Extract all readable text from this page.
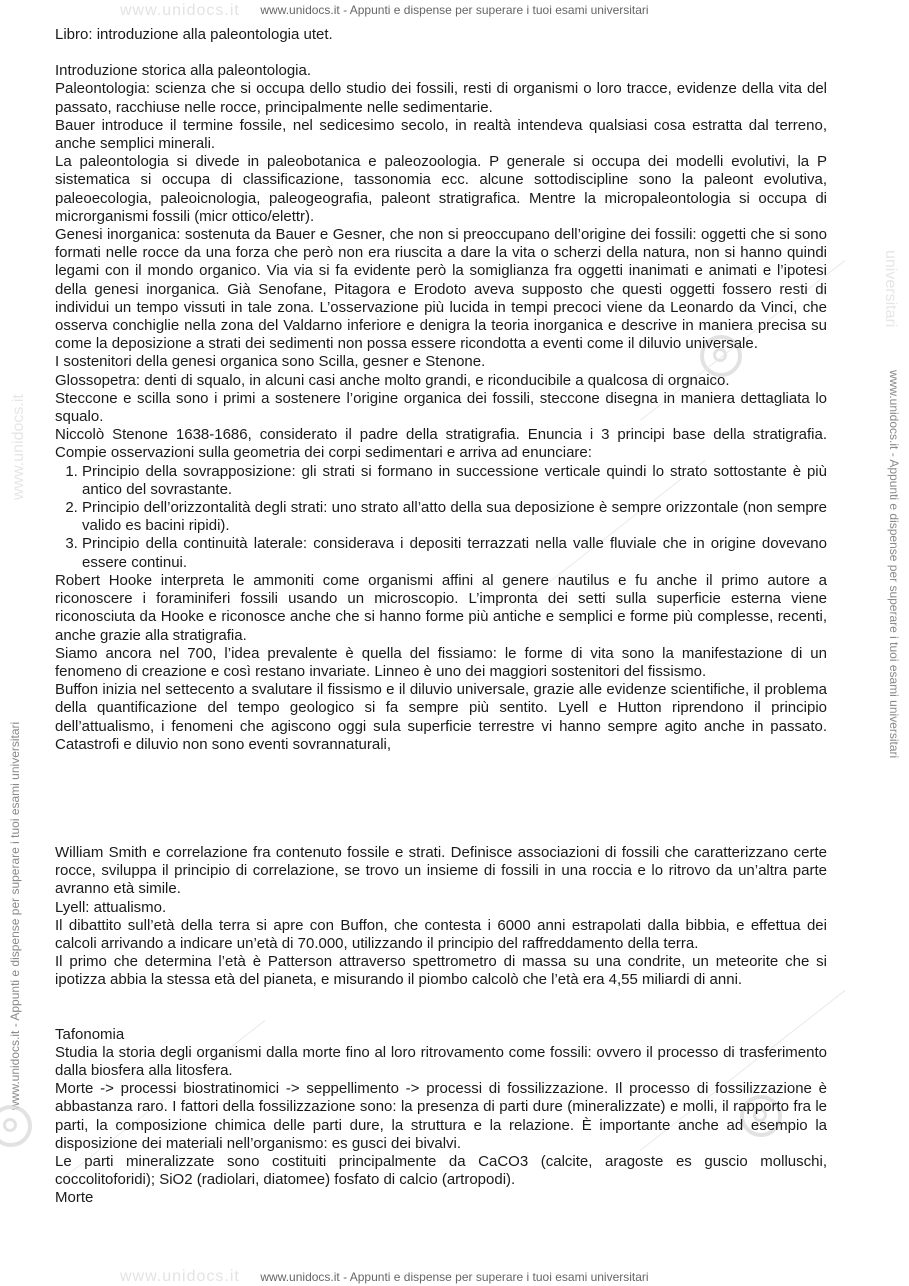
www.unidocs.it	www.unidocs.it - Appunti e dispense per superare i tuoi esami universitari
www.unidocs.it	www.unidocs.it - Appunti e dispense per superare i tuoi esami universitari
www.unidocs.it
www.unidocs.it - Appunti e dispense per superare i tuoi esami universitari
universitari
www.unidocs.it - Appunti e dispense per superare i tuoi esami universitari

Libro: introduzione alla paleontologia utet.

Introduzione storica alla paleontologia.

Paleontologia: scienza che si occupa dello studio dei fossili, resti di organismi o loro tracce, evidenze della vita del passato, racchiuse nelle rocce, principalmente nelle sedimentarie.

Bauer introduce il termine fossile, nel sedicesimo secolo, in realtà intendeva qualsiasi cosa estratta dal terreno, anche semplici minerali.

La paleontologia si divede in paleobotanica e paleozoologia. P generale si occupa dei modelli evolutivi, la P sistematica si occupa di classificazione, tassonomia ecc. alcune sottodiscipline sono la paleont evolutiva, paleoecologia, paleoicnologia, paleogeografia, paleont stratigrafica. Mentre la micropaleontologia si occupa di microrganismi fossili (micr ottico/elettr).

Genesi inorganica: sostenuta da Bauer e Gesner, che non si preoccupano dell’origine dei fossili: oggetti che si sono formati nelle rocce da una forza che però non era riuscita a dare la vita o scherzi della natura, non si hanno quindi legami con il mondo organico. Via via si fa evidente però la somiglianza fra oggetti inanimati e animati e l’ipotesi della genesi inorganica. Già Senofane, Pitagora e Erodoto aveva supposto che questi oggetti fossero resti di individui un tempo vissuti in tale zona. L’osservazione più lucida in tempi precoci viene da Leonardo da Vinci, che osserva conchiglie nella zona del Valdarno inferiore e denigra la teoria inorganica e descrive in maniera precisa su come la deposizione a strati dei sedimenti non possa essere ricondotta a eventi come il diluvio universale.

I sostenitori della genesi organica sono Scilla, gesner e Stenone.

Glossopetra: denti di squalo, in alcuni casi anche molto grandi, e riconducibile a qualcosa di orgnaico.

Steccone e scilla sono i primi a sostenere l’origine organica dei fossili, steccone disegna in maniera dettagliata lo squalo.

Niccolò Stenone 1638-1686, considerato il padre della stratigrafia. Enuncia i 3 principi base della stratigrafia. Compie osservazioni sulla geometria dei corpi sedimentari e arriva ad enunciare:

1. Principio della sovrapposizione: gli strati si formano in successione verticale quindi lo strato sottostante è più antico del sovrastante.
2. Principio dell’orizzontalità degli strati: uno strato all’atto della sua deposizione è sempre orizzontale (non sempre valido es bacini ripidi).
3. Principio della continuità laterale: considerava i depositi terrazzati nella valle fluviale che in origine dovevano essere continui.

Robert Hooke interpreta le ammoniti come organismi affini al genere nautilus e fu anche il primo autore a riconoscere i foraminiferi fossili usando un microscopio. L’impronta dei setti sulla superficie esterna viene riconosciuta da Hooke e riconosce anche che si hanno forme più antiche e semplici e forme più complesse, recenti, anche grazie alla stratigrafia.

Siamo ancora nel 700, l’idea prevalente è quella del fissiamo: le forme di vita sono la manifestazione di un fenomeno di creazione e così restano invariate. Linneo è uno dei maggiori sostenitori del fissismo.

Buffon inizia nel settecento a svalutare il fissismo e il diluvio universale, grazie alle evidenze scientifiche, il problema della quantificazione del tempo geologico si fa sempre più sentito. Lyell e Hutton riprendono il principio dell’attualismo, i fenomeni che agiscono oggi sula superficie terrestre vi hanno sempre agito anche in passato. Catastrofi e diluvio non sono eventi sovrannaturali,

William Smith e correlazione fra contenuto fossile e strati. Definisce associazioni di fossili che caratterizzano certe rocce, sviluppa il principio di correlazione, se trovo un insieme di fossili in una roccia e lo ritrovo da un’altra parte avranno età simile.

Lyell: attualismo.

Il dibattito sull’età della terra si apre con Buffon, che contesta i 6000 anni estrapolati dalla bibbia, e effettua dei calcoli arrivando a indicare un’età di 70.000, utilizzando il principio del raffreddamento della terra.

Il primo che determina l’età è Patterson attraverso spettrometro di massa su una condrite, un meteorite che si ipotizza abbia la stessa età del pianeta, e misurando il piombo calcolò che l’età era 4,55 miliardi di anni.

Tafonomia

Studia la storia degli organismi dalla morte fino al loro ritrovamento come fossili: ovvero il processo di trasferimento dalla biosfera alla litosfera.

Morte -> processi biostratinomici -> seppellimento -> processi di fossilizzazione. Il processo di fossilizzazione è abbastanza raro. I fattori della fossilizzazione sono: la presenza di parti dure (mineralizzate) e molli, il rapporto fra le parti, la composizione chimica delle parti dure, la struttura e la relazione. È importante anche ad esempio la disposizione dei materiali nell’organismo: es gusci dei bivalvi.

Le parti mineralizzate sono costituiti principalmente da CaCO3 (calcite, aragoste es guscio molluschi, coccolitoforidi); SiO2 (radiolari, diatomee) fosfato di calcio (artropodi).

Morte
